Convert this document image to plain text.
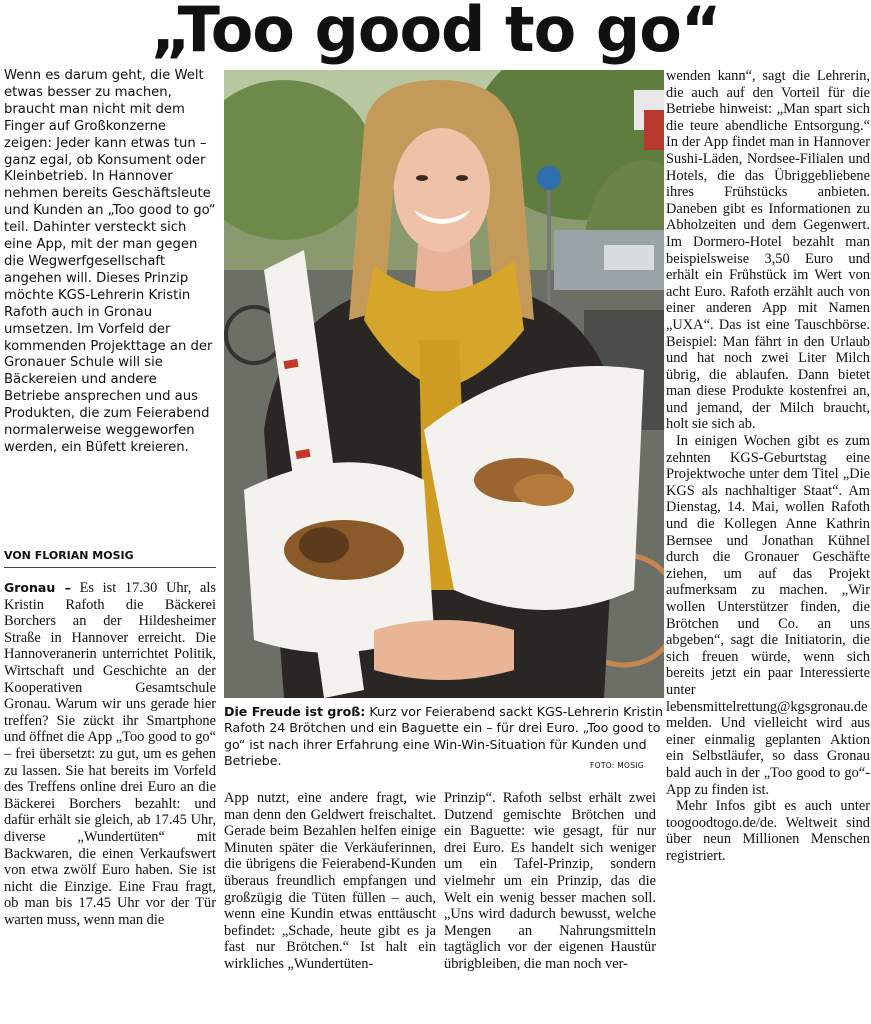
„Too good to go“
Wenn es darum geht, die Welt etwas besser zu machen, braucht man nicht mit dem Finger auf Großkonzerne zeigen: Jeder kann etwas tun – ganz egal, ob Konsument oder Kleinbetrieb. In Hannover nehmen bereits Geschäftsleute und Kunden an „Too good to go“ teil. Dahinter versteckt sich eine App, mit der man gegen die Wegwerfgesellschaft angehen will. Dieses Prinzip möchte KGS-Lehrerin Kristin Rafoth auch in Gronau umsetzen. Im Vorfeld der kommenden Projekttage an der Gronauer Schule will sie Bäckereien und andere Betriebe ansprechen und aus Produkten, die zum Feierabend normalerweise weggeworfen werden, ein Büfett kreieren.
VON FLORIAN MOSIG

Gronau – Es ist 17.30 Uhr, als Kristin Rafoth die Bäckerei Borchers an der Hildesheimer Straße in Hannover erreicht. Die Hannoveranerin unterrichtet Politik, Wirtschaft und Geschichte an der Kooperativen Gesamtschule Gronau. Warum wir uns gerade hier treffen? Sie zückt ihr Smartphone und öffnet die App „Too good to go“ – frei übersetzt: zu gut, um es gehen zu lassen. Sie hat bereits im Vorfeld des Treffens online drei Euro an die Bäckerei Borchers bezahlt: und dafür erhält sie gleich, ab 17.45 Uhr, diverse „Wundertüten“ mit Backwaren, die einen Verkaufswert von etwa zwölf Euro haben. Sie ist nicht die Einzige. Eine Frau fragt, ob man bis 17.45 Uhr vor der Tür warten muss, wenn man die

Die Freude ist groß: Kurz vor Feierabend sackt KGS-Lehrerin Kristin Rafoth 24 Brötchen und ein Baguette ein – für drei Euro. „Too good to go“ ist nach ihrer Erfahrung eine Win-Win-Situation für Kunden und Betriebe.	FOTO: MOSIG

App nutzt, eine andere fragt, wie man denn den Geldwert freischaltet. Gerade beim Bezahlen helfen einige Minuten später die Verkäuferinnen, die übrigens die Feierabend-Kunden überaus freundlich empfangen und großzügig die Tüten füllen – auch, wenn eine Kundin etwas enttäuscht befindet: „Schade, heute gibt es ja fast nur Brötchen.“ Ist halt ein wirkliches „Wundertüten-

Prinzip“. Rafoth selbst erhält zwei Dutzend gemischte Brötchen und ein Baguette: wie gesagt, für nur drei Euro. Es handelt sich weniger um ein Tafel-Prinzip, sondern vielmehr um ein Prinzip, das die Welt ein wenig besser machen soll. „Uns wird dadurch bewusst, welche Mengen an Nahrungsmitteln tagtäglich vor der eigenen Haustür übrigbleiben, die man noch ver-

wenden kann“, sagt die Lehrerin, die auch auf den Vorteil für die Betriebe hinweist: „Man spart sich die teure abendliche Entsorgung.“ In der App findet man in Hannover Sushi-Läden, Nordsee-Filialen und Hotels, die das Übriggebliebene ihres Frühstücks anbieten. Daneben gibt es Informationen zu Abholzeiten und dem Gegenwert. Im Dormero-Hotel bezahlt man beispielsweise 3,50 Euro und erhält ein Frühstück im Wert von acht Euro. Rafoth erzählt auch von einer anderen App mit Namen „UXA“. Das ist eine Tauschbörse. Beispiel: Man fährt in den Urlaub und hat noch zwei Liter Milch übrig, die ablaufen. Dann bietet man diese Produkte kostenfrei an, und jemand, der Milch braucht, holt sie sich ab.

In einigen Wochen gibt es zum zehnten KGS-Geburtstag eine Projektwoche unter dem Titel „Die KGS als nachhaltiger Staat“. Am Dienstag, 14. Mai, wollen Rafoth und die Kollegen Anne Kathrin Bernsee und Jonathan Kühnel durch die Gronauer Geschäfte ziehen, um auf das Projekt aufmerksam zu machen. „Wir wollen Unterstützer finden, die Brötchen und Co. an uns abgeben“, sagt die Initiatorin, die sich freuen würde, wenn sich bereits jetzt ein paar Interessierte unter lebensmittelrettung@kgsgronau.de melden. Und vielleicht wird aus einer einmalig geplanten Aktion ein Selbstläufer, so dass Gronau bald auch in der „Too good to go“-App zu finden ist.

Mehr Infos gibt es auch unter toogoodtogo.de/de. Weltweit sind über neun Millionen Menschen registriert.
